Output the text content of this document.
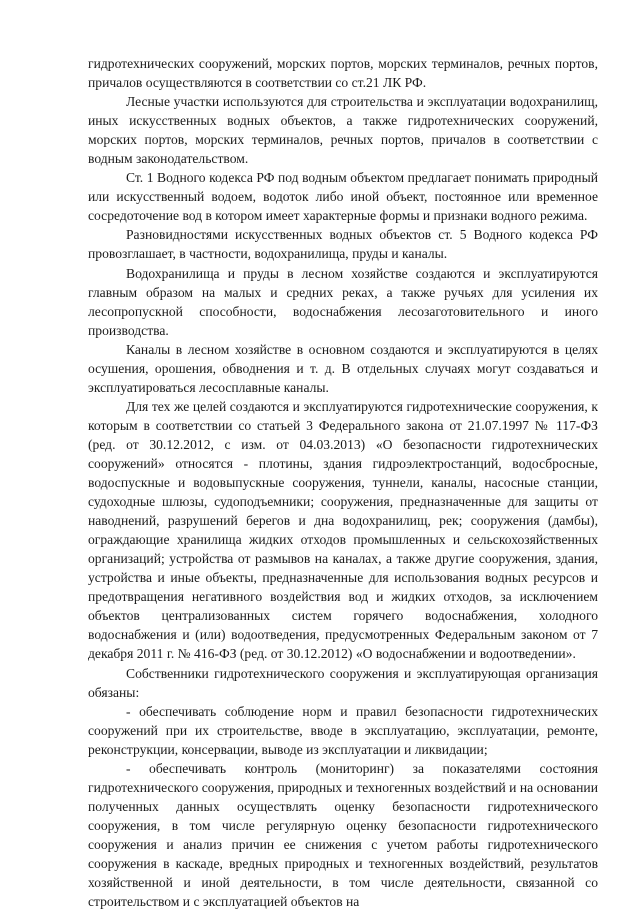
гидротехнических сооружений, морских портов, морских терминалов, речных портов, причалов осуществляются в соответствии со ст.21 ЛК РФ.

Лесные участки используются для строительства и эксплуатации водохранилищ, иных искусственных водных объектов, а также гидротехнических сооружений, морских портов, морских терминалов, речных портов, причалов в соответствии с водным законодательством.

Ст. 1 Водного кодекса РФ под водным объектом предлагает понимать природный или искусственный водоем, водоток либо иной объект, постоянное или временное сосредоточение вод в котором имеет характерные формы и признаки водного режима.

Разновидностями искусственных водных объектов ст. 5 Водного кодекса РФ провозглашает, в частности, водохранилища, пруды и каналы.

Водохранилища и пруды в лесном хозяйстве создаются и эксплуатируются главным образом на малых и средних реках, а также ручьях для усиления их лесопропускной способности, водоснабжения лесозаготовительного и иного производства.

Каналы в лесном хозяйстве в основном создаются и эксплуатируются в целях осушения, орошения, обводнения и т. д. В отдельных случаях могут создаваться и эксплуатироваться лесосплавные каналы.

Для тех же целей создаются и эксплуатируются гидротехнические сооружения, к которым в соответствии со статьей 3 Федерального закона от 21.07.1997 № 117-ФЗ (ред. от 30.12.2012, с изм. от 04.03.2013) «О безопасности гидротехнических сооружений» относятся - плотины, здания гидроэлектростанций, водосбросные, водоспускные и водовыпускные сооружения, туннели, каналы, насосные станции, судоходные шлюзы, судоподъемники; сооружения, предназначенные для защиты от наводнений, разрушений берегов и дна водохранилищ, рек; сооружения (дамбы), ограждающие хранилища жидких отходов промышленных и сельскохозяйственных организаций; устройства от размывов на каналах, а также другие сооружения, здания, устройства и иные объекты, предназначенные для использования водных ресурсов и предотвращения негативного воздействия вод и жидких отходов, за исключением объектов централизованных систем горячего водоснабжения, холодного водоснабжения и (или) водоотведения, предусмотренных Федеральным законом от 7 декабря 2011 г. № 416-ФЗ (ред. от 30.12.2012) «О водоснабжении и водоотведении».

Собственники гидротехнического сооружения и эксплуатирующая организация обязаны:

- обеспечивать соблюдение норм и правил безопасности гидротехнических сооружений при их строительстве, вводе в эксплуатацию, эксплуатации, ремонте, реконструкции, консервации, выводе из эксплуатации и ликвидации;

- обеспечивать контроль (мониторинг) за показателями состояния гидротехнического сооружения, природных и техногенных воздействий и на основании полученных данных осуществлять оценку безопасности гидротехнического сооружения, в том числе регулярную оценку безопасности гидротехнического сооружения и анализ причин ее снижения с учетом работы гидротехнического сооружения в каскаде, вредных природных и техногенных воздействий, результатов хозяйственной и иной деятельности, в том числе деятельности, связанной со строительством и с эксплуатацией объектов на
